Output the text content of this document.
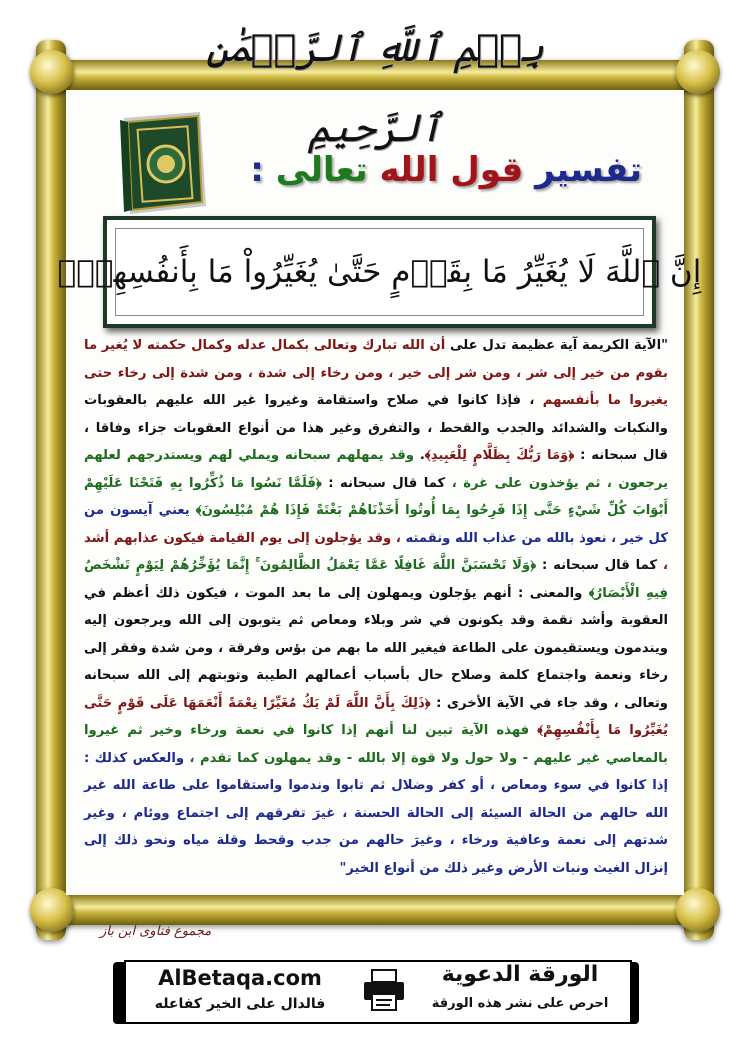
بِسۡمِ ٱللَّهِ ٱلرَّحۡمَٰنِ ٱلرَّحِيمِ
تفسير قول الله تعالى :
إِنَّ ٱللَّهَ لَا يُغَيِّرُ مَا بِقَوۡمٍ حَتَّىٰ يُغَيِّرُواْ مَا بِأَنفُسِهِمۡۗ
"الآية الكريمة آية عظيمة تدل على أن الله تبارك وتعالى بكمال عدله وكمال حكمته لا يُغير ما بقوم من خير إلى شر ، ومن شر إلى خير ، ومن رخاء إلى شدة ، ومن شدة إلى رخاء حتى يغيروا ما بأنفسهم ، فإذا كانوا في صلاح واستقامة وغيروا غير الله عليهم بالعقوبات والنكبات والشدائد والجدب والقحط ، والتفرق وغير هذا من أنواع العقوبات جزاء وفاقا ، قال سبحانه : ﴿وَمَا رَبُّكَ بِظَلَّامٍ لِلْعَبِيدِ﴾. وقد يمهلهم سبحانه ويملي لهم ويستدرجهم لعلهم يرجعون ، ثم يؤخذون على غرة ، كما قال سبحانه : ﴿فَلَمَّا نَسُوا مَا ذُكِّرُوا بِهِ فَتَحْنَا عَلَيْهِمْ أَبْوَابَ كُلِّ شَيْءٍ حَتَّى إِذَا فَرِحُوا بِمَا أُوتُوا أَخَذْنَاهُمْ بَغْتَةً فَإِذَا هُمْ مُبْلِسُونَ﴾ يعني آيسون من كل خير ، نعوذ بالله من عذاب الله ونقمته ، وقد يؤجلون إلى يوم القيامة فيكون عذابهم أشد ، كما قال سبحانه : ﴿وَلَا تَحْسَبَنَّ اللَّهَ غَافِلًا عَمَّا يَعْمَلُ الظَّالِمُونَ ۚ إِنَّمَا يُؤَخِّرُهُمْ لِيَوْمٍ تَشْخَصُ فِيهِ الْأَبْصَارُ﴾ والمعنى : أنهم يؤجلون ويمهلون إلى ما بعد الموت ، فيكون ذلك أعظم في العقوبة وأشد نقمة وقد يكونون في شر وبلاء ومعاص ثم يتوبون إلى الله ويرجعون إليه ويندمون ويستقيمون على الطاعة فيغير الله ما بهم من بؤس وفرقة ، ومن شدة وفقر إلى رخاء ونعمة واجتماع كلمة وصلاح حال بأسباب أعمالهم الطيبة وتوبتهم إلى الله سبحانه وتعالى ، وقد جاء في الآية الأخرى : ﴿ذَلِكَ بِأَنَّ اللَّهَ لَمْ يَكُ مُغَيِّرًا نِعْمَةً أَنْعَمَهَا عَلَى قَوْمٍ حَتَّى يُغَيِّرُوا مَا بِأَنْفُسِهِمْ﴾ فهذه الآية تبين لنا أنهم إذا كانوا في نعمة ورخاء وخير ثم غيروا بالمعاصي غير عليهم - ولا حول ولا قوة إلا بالله - وقد يمهلون كما تقدم ، والعكس كذلك : إذا كانوا في سوء ومعاص ، أو كفر وضلال ثم تابوا وندموا واستقاموا على طاعة الله غير الله حالهم من الحالة السيئة إلى الحالة الحسنة ، غيرَ تفرقهم إلى اجتماع ووئام ، وغير شدتهم إلى نعمة وعافية ورخاء ، وغيرَ حالهم من جدب وقحط وقلة مياه ونحو ذلك إلى إنزال الغيث ونبات الأرض وغير ذلك من أنواع الخير"
مجموع فتاوى ابن باز
AlBetaqa.com
فالدال على الخير كفاعله
الورقة الدعوية
احرص على نشر هذه الورقة
